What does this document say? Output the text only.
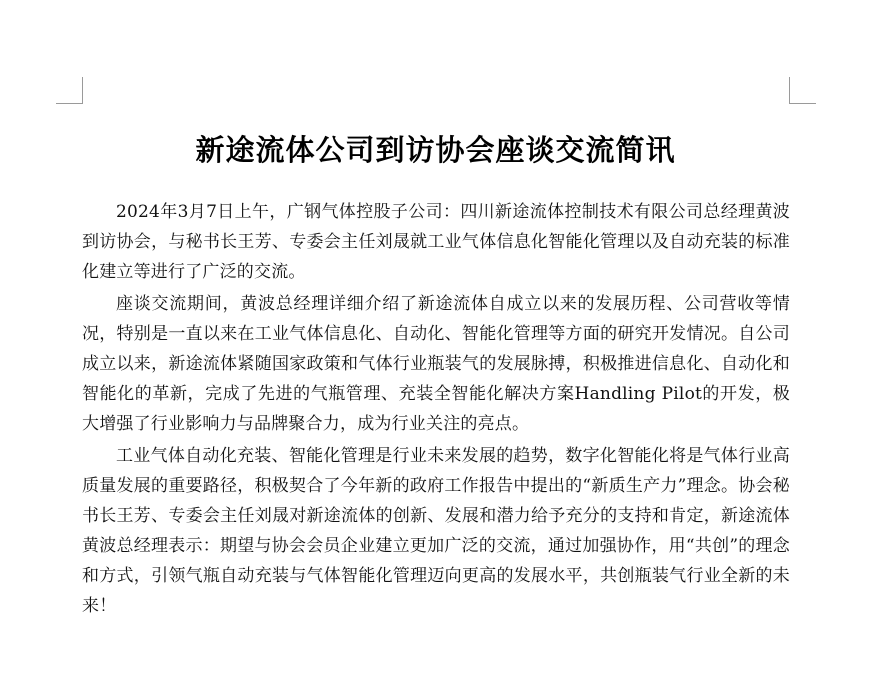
新途流体公司到访协会座谈交流简讯

2024年3月7日上午，广钢气体控股子公司：四川新途流体控制技术有限公司总经理黄波到访协会，与秘书长王芳、专委会主任刘晟就工业气体信息化智能化管理以及自动充装的标准化建立等进行了广泛的交流。

座谈交流期间，黄波总经理详细介绍了新途流体自成立以来的发展历程、公司营收等情况，特别是一直以来在工业气体信息化、自动化、智能化管理等方面的研究开发情况。自公司成立以来，新途流体紧随国家政策和气体行业瓶装气的发展脉搏，积极推进信息化、自动化和智能化的革新，完成了先进的气瓶管理、充装全智能化解决方案Handling Pilot的开发，极大增强了行业影响力与品牌聚合力，成为行业关注的亮点。

工业气体自动化充装、智能化管理是行业未来发展的趋势，数字化智能化将是气体行业高质量发展的重要路径，积极契合了今年新的政府工作报告中提出的“新质生产力”理念。协会秘书长王芳、专委会主任刘晟对新途流体的创新、发展和潜力给予充分的支持和肯定，新途流体黄波总经理表示：期望与协会会员企业建立更加广泛的交流，通过加强协作，用“共创”的理念和方式，引领气瓶自动充装与气体智能化管理迈向更高的发展水平，共创瓶装气行业全新的未来！
